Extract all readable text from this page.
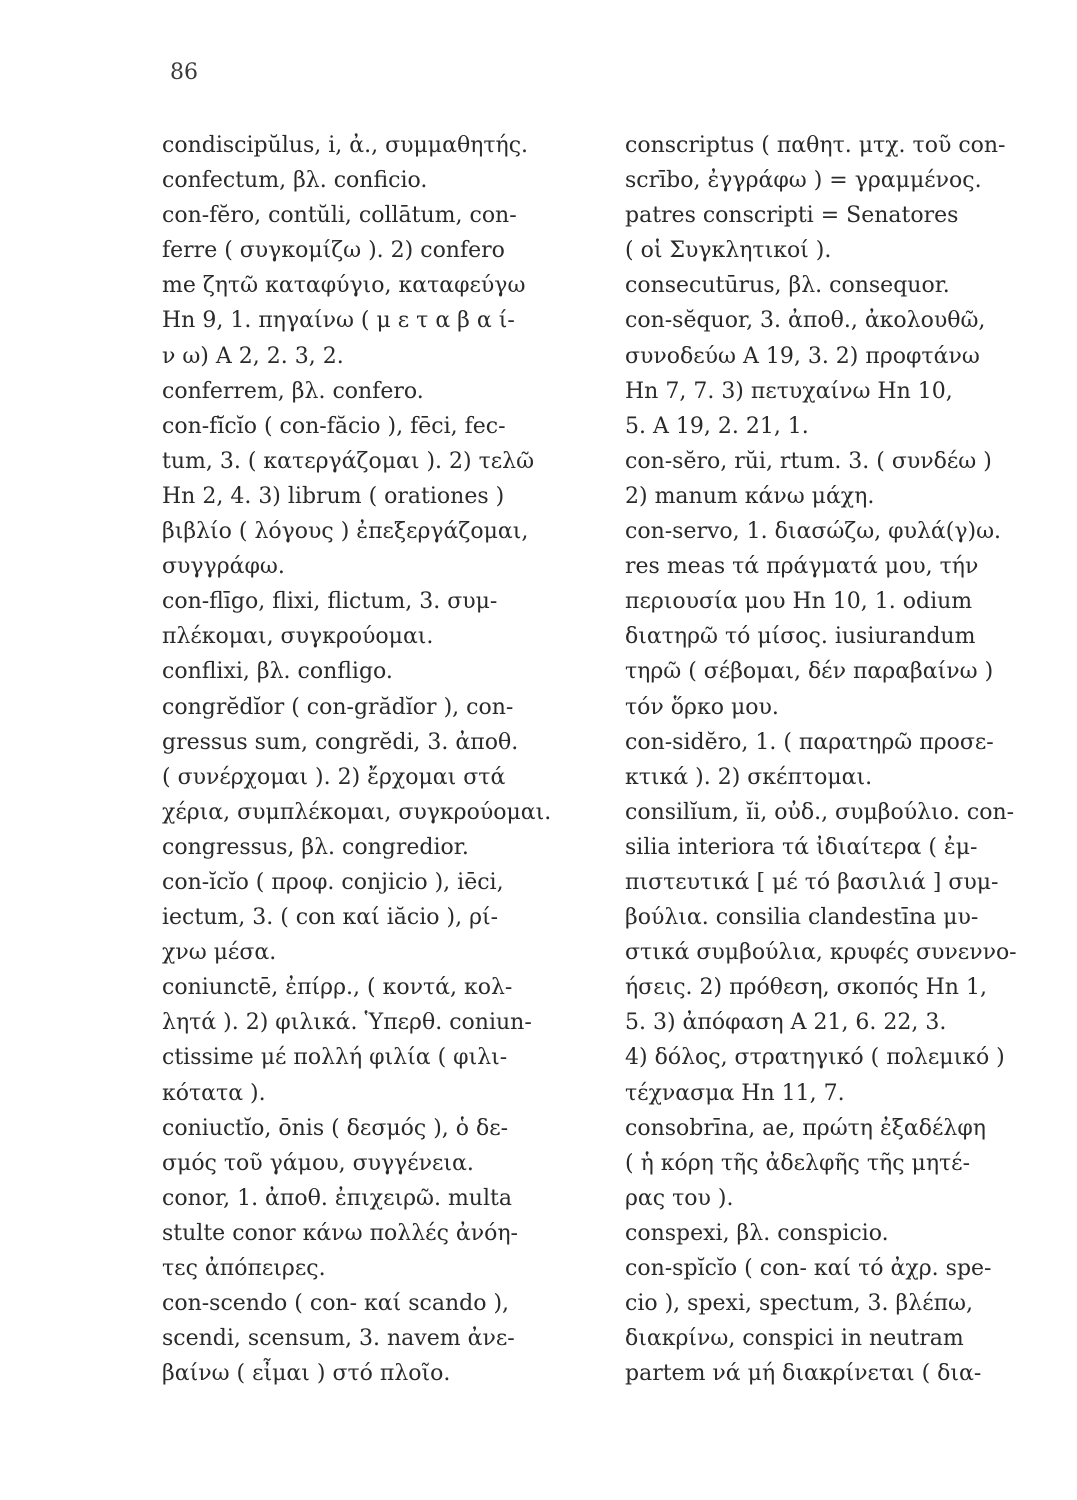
86
condiscipŭlus, i, ἀ., συμμαθητής.
confectum, βλ. conficio.
con-fĕro, contŭli, collātum, con-
ferre ( συγκομίζω ). 2) confero
me ζητῶ καταφύγιο, καταφεύγω
Hn 9, 1. πηγαίνω ( μ ε τ α β α ί-
ν ω) A 2, 2. 3, 2.
conferrem, βλ. confero.
con-fĭcĭo ( con-făcio ), fēci, fec-
tum, 3. ( κατεργάζομαι ). 2) τελῶ
Hn 2, 4. 3) librum ( orationes )
βιβλίο ( λόγους ) ἐπεξεργάζομαι,
συγγράφω.
con-flīgo, flixi, flictum, 3. συμ-
πλέκομαι, συγκρούομαι.
conflixi, βλ. confligo.
congrĕdĭor ( con-grădĭor ), con-
gressus sum, congrĕdi, 3. ἀποθ.
( συνέρχομαι ). 2) ἔρχομαι στά
χέρια, συμπλέκομαι, συγκρούομαι.
congressus, βλ. congredior.
con-ĭcĭo ( προφ. conjicio ), iēci,
iectum, 3. ( con καί iăcio ), ρί-
χνω μέσα.
coniunctē, ἐπίρρ., ( κοντά, κολ-
λητά ). 2) φιλικά. Ὑπερθ. coniun-
ctissime μέ πολλή φιλία ( φιλι-
κότατα ).
coniuctĭo, ōnis ( δεσμός ), ὁ δε-
σμός τοῦ γάμου, συγγένεια.
conor, 1. ἀποθ. ἐπιχειρῶ. multa
stulte conor κάνω πολλές ἀνόη-
τες ἀπόπειρες.
con-scendo ( con- καί scando ),
scendi, scensum, 3. navem ἀνε-
βαίνω ( εἶμαι ) στό πλοῖο.
conscriptus ( παθητ. μτχ. τοῦ con-
scrībo, ἐγγράφω ) = γραμμένος.
patres conscripti = Senatores
( οἱ Συγκλητικοί ).
consecutūrus, βλ. consequor.
con-sĕquor, 3. ἀποθ., ἀκολουθῶ,
συνοδεύω A 19, 3. 2) προφτάνω
Hn 7, 7. 3) πετυχαίνω Hn 10,
5. A 19, 2. 21, 1.
con-sĕro, rŭi, rtum. 3. ( συνδέω )
2) manum κάνω μάχη.
con-servo, 1. διασώζω, φυλά(γ)ω.
res meas τά πράγματά μου, τήν
περιουσία μου Hn 10, 1. odium
διατηρῶ τό μίσος. iusiurandum
τηρῶ ( σέβομαι, δέν παραβαίνω )
τόν ὅρκο μου.
con-sidĕro, 1. ( παρατηρῶ προσε-
κτικά ). 2) σκέπτομαι.
consilĭum, ĭi, οὐδ., συμβούλιο. con-
silia interiora τά ἰδιαίτερα ( ἐμ-
πιστευτικά [ μέ τό βασιλιά ] συμ-
βούλια. consilia clandestīna μυ-
στικά συμβούλια, κρυφές συνεννο-
ήσεις. 2) πρόθεση, σκοπός Hn 1,
5. 3) ἀπόφαση A 21, 6. 22, 3.
4) δόλος, στρατηγικό ( πολεμικό )
τέχνασμα Hn 11, 7.
consobrīna, ae, πρώτη ἐξαδέλφη
( ἡ κόρη τῆς ἀδελφῆς τῆς μητέ-
ρας του ).
conspexi, βλ. conspicio.
con-spĭcĭo ( con- καί τό ἀχρ. spe-
cio ), spexi, spectum, 3. βλέπω,
διακρίνω, conspici in neutram
partem νά μή διακρίνεται ( δια-
